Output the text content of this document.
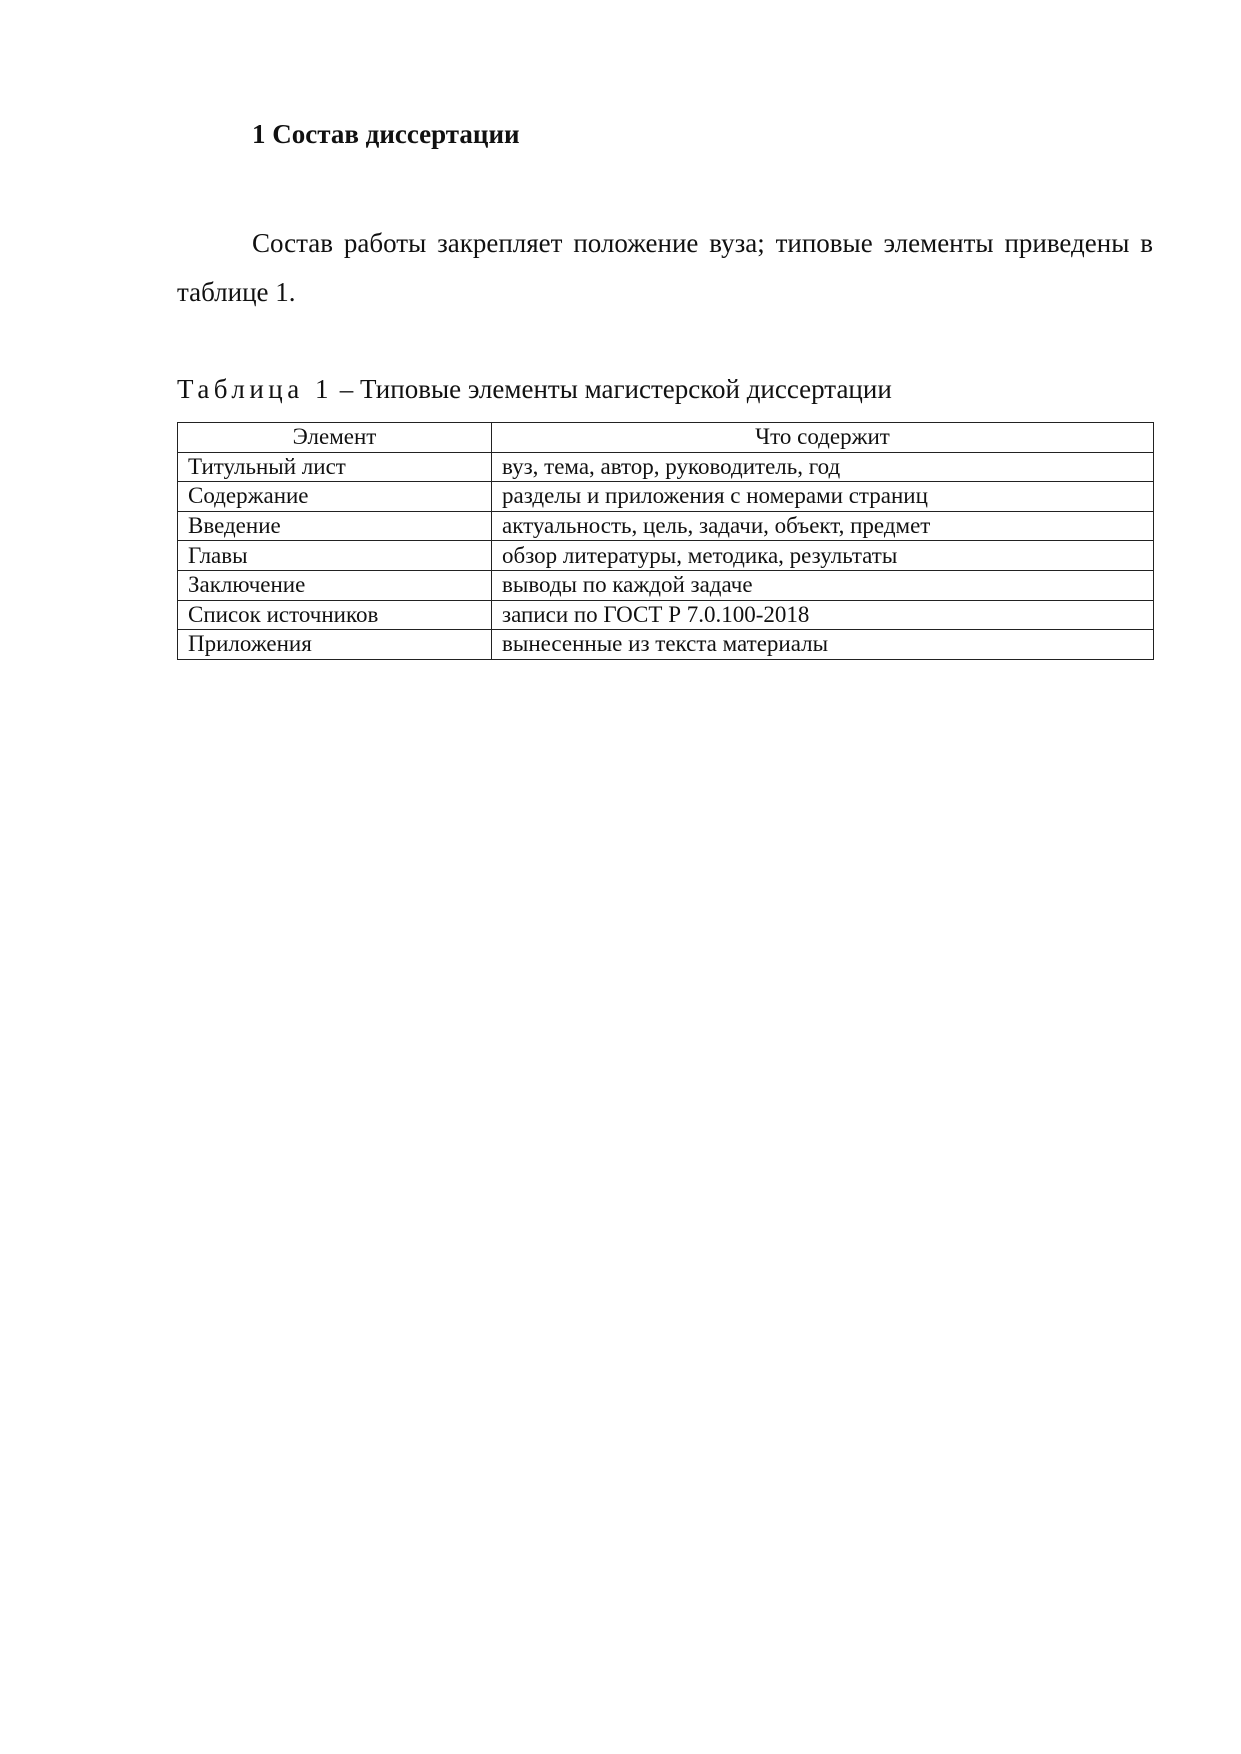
1 Состав диссертации

Состав работы закрепляет положение вуза; типовые элементы приведены в таблице 1.

Таблица 1 – Типовые элементы магистерской диссертации
Элемент	Что содержит
Титульный лист	вуз, тема, автор, руководитель, год
Содержание	разделы и приложения с номерами страниц
Введение	актуальность, цель, задачи, объект, предмет
Главы	обзор литературы, методика, результаты
Заключение	выводы по каждой задаче
Список источников	записи по ГОСТ Р 7.0.100-2018
Приложения	вынесенные из текста материалы
